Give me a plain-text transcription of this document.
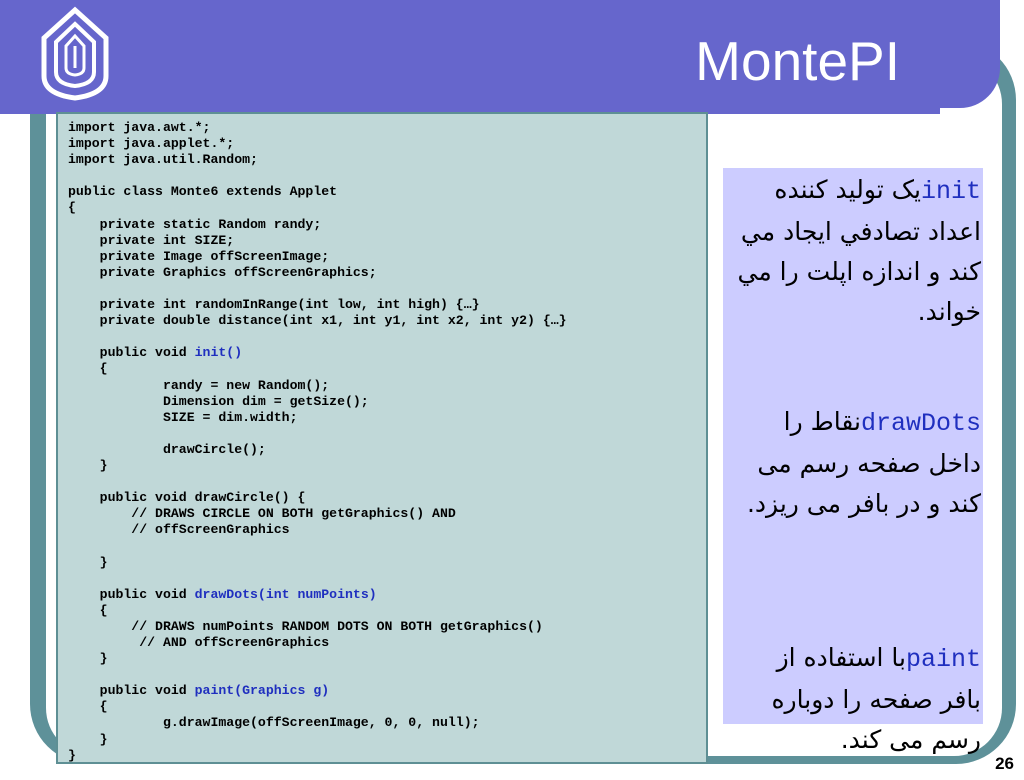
MontePI
import java.awt.*;
import java.applet.*;
import java.util.Random;
public class Monte6 extends Applet
{
private static Random randy;
private int SIZE;
private Image offScreenImage;
private Graphics offScreenGraphics;
private int randomInRange(int low, int high) {…}
private double distance(int x1, int y1, int x2, int y2) {…}
public void init()
{
randy = new Random();
Dimension dim = getSize();
SIZE = dim.width;
drawCircle();
}
public void drawCircle() {
// DRAWS CIRCLE ON BOTH getGraphics() AND
// offScreenGraphics
}
public void drawDots(int numPoints)
{
// DRAWS numPoints RANDOM DOTS ON BOTH getGraphics()
// AND offScreenGraphics
}
public void paint(Graphics g)
{
g.drawImage(offScreenImage, 0, 0, null);
}
}
initيک توليد کننده اعداد تصادفي ايجاد مي کند و اندازه اپلت را مي خواند.
drawDotsنقاط را داخل صفحه رسم می کند و در بافر می ریزد.
paintبا استفاده از بافر صفحه را دوباره رسم می کند.
26
